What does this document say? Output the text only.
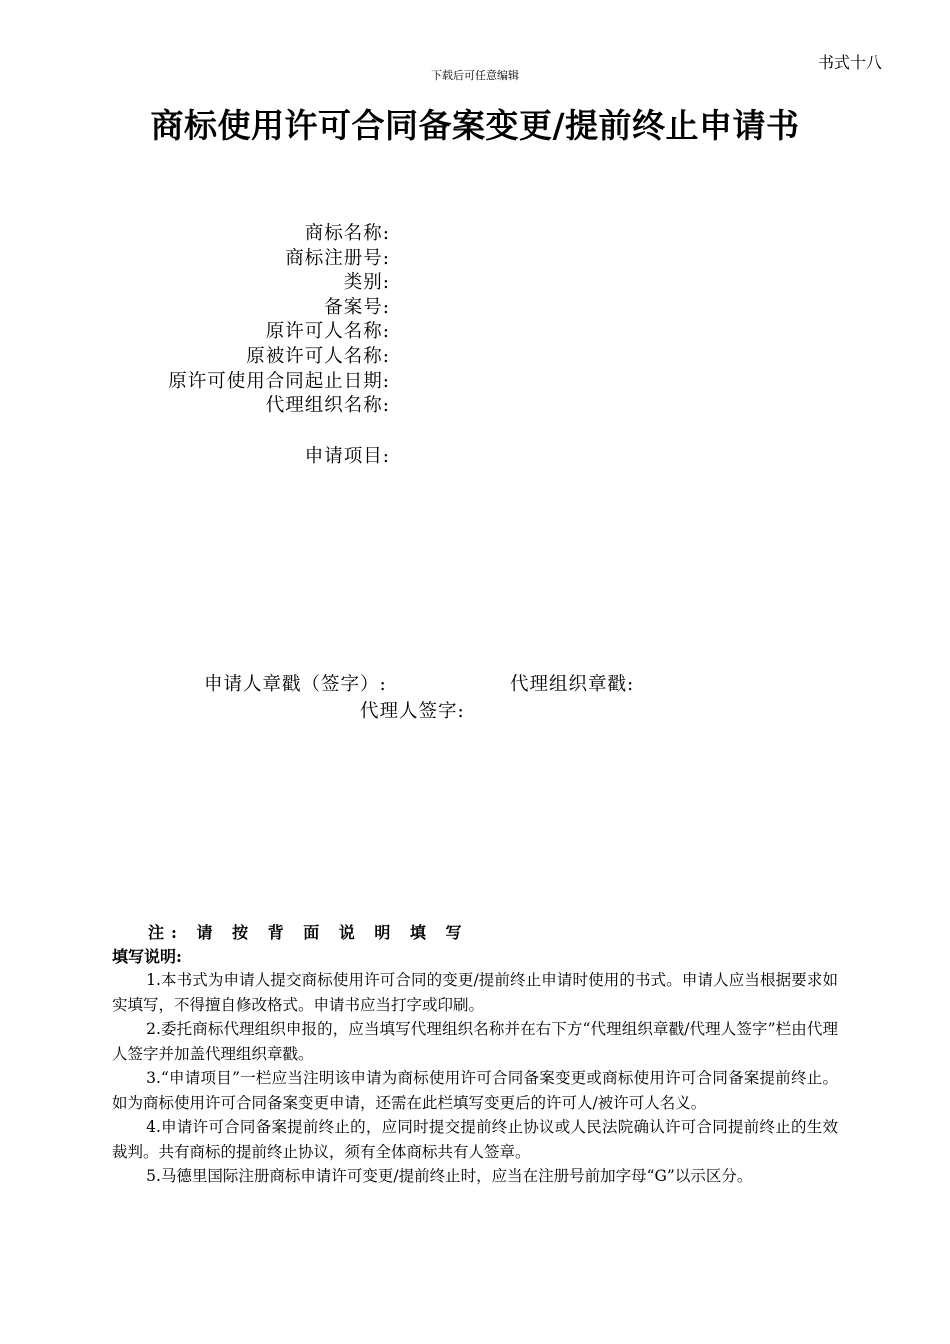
书式十八
下载后可任意编辑
商标使用许可合同备案变更/提前终止申请书
商标名称:
商标注册号:
类别:
备案号:
原许可人名称:
原被许可人名称:
原许可使用合同起止日期:
代理组织名称:
申请项目:
申请人章戳（签字）:	代理组织章戳:
代理人签字:
注: 请 按 背 面 说 明 填 写
填写说明:

1.本书式为申请人提交商标使用许可合同的变更/提前终止申请时使用的书式。申请人应当根据要求如实填写，不得擅自修改格式。申请书应当打字或印刷。

2.委托商标代理组织申报的，应当填写代理组织名称并在右下方“代理组织章戳/代理人签字”栏由代理人签字并加盖代理组织章戳。

3.“申请项目”一栏应当注明该申请为商标使用许可合同备案变更或商标使用许可合同备案提前终止。如为商标使用许可合同备案变更申请，还需在此栏填写变更后的许可人/被许可人名义。

4.申请许可合同备案提前终止的，应同时提交提前终止协议或人民法院确认许可合同提前终止的生效裁判。共有商标的提前终止协议，须有全体商标共有人签章。

5.马德里国际注册商标申请许可变更/提前终止时，应当在注册号前加字母“G”以示区分。
